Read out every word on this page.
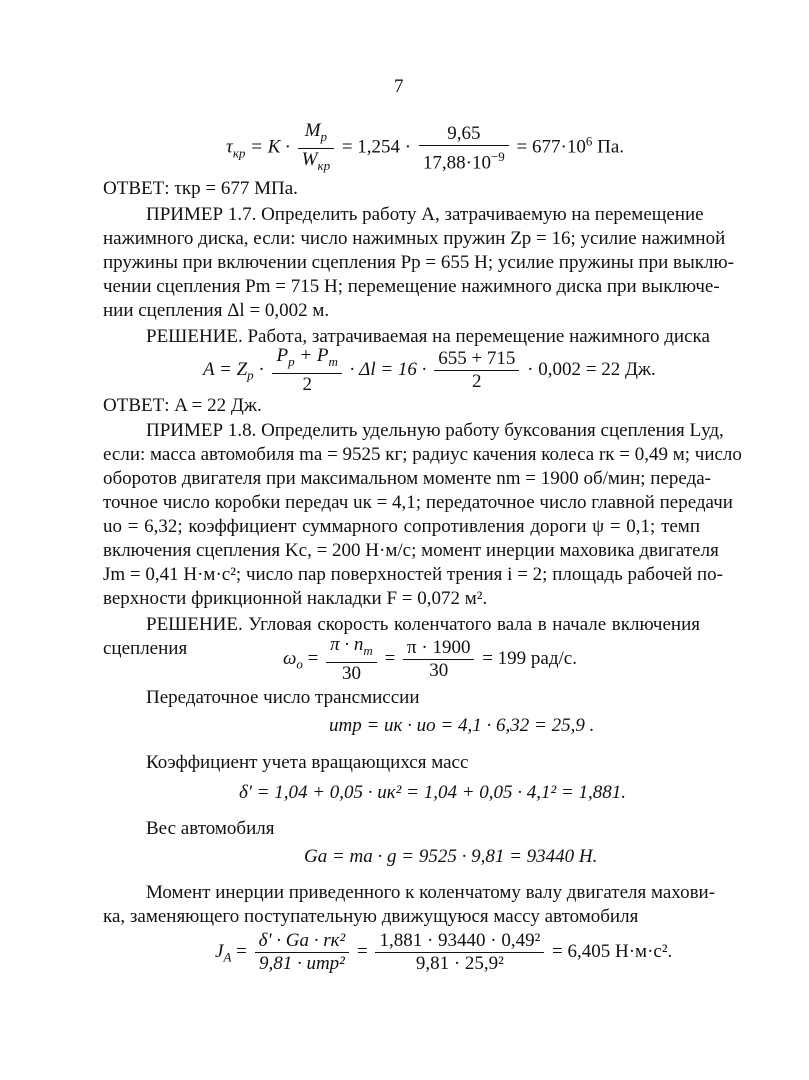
7
$\tau_{кр} = K \cdot \frac{M_p}{W_{кр}} = 1,254 \cdot \frac{9,65}{17,88\cdot 10^{-9}} = 677\cdot 10^6$ Па.
ОТВЕТ: τкр = 677 МПа.
ПРИМЕР 1.7. Определить работу A, затрачиваемую на перемещение
нажимного диска, если: число нажимных пружин Zp = 16; усилие нажимной
пружины при включении сцепления Pp = 655 Н; усилие пружины при выклю-
чении сцепления Pm = 715 Н; перемещение нажимного диска при выключе-
нии сцепления Δl = 0,002 м.
РЕШЕНИЕ. Работа, затрачиваемая на перемещение нажимного диска
$A = Z_p \cdot \frac{P_p + P_m}{2} \cdot \Delta l = 16 \cdot \frac{655 + 715}{2} \cdot 0,002 = 22$ Дж.
ОТВЕТ: A = 22 Дж.
ПРИМЕР 1.8. Определить удельную работу буксования сцепления Lуд,
если: масса автомобиля mа = 9525 кг; радиус качения колеса rк = 0,49 м; число
оборотов двигателя при максимальном моменте nm = 1900 об/мин; переда-
точное число коробки передач uк = 4,1; передаточное число главной передачи
uо = 6,32; коэффициент суммарного сопротивления дороги ψ = 0,1; темп
включения сцепления Kс, = 200 Н·м/с; момент инерции маховика двигателя
Jm = 0,41 Н·м·с²; число пар поверхностей трения i = 2; площадь рабочей по-
верхности фрикционной накладки F = 0,072 м².
РЕШЕНИЕ. Угловая скорость коленчатого вала в начале включения
сцепления	$\omega_о = \frac{\pi \cdot n_m}{30} = \frac{\pi \cdot 1900}{30} = 199$ рад/с.
Передаточное число трансмиссии
uтр = uк · uо = 4,1 · 6,32 = 25,9 .
Коэффициент учета вращающихся масс
δ' = 1,04 + 0,05 · uк² = 1,04 + 0,05 · 4,1² = 1,881.
Вес автомобиля
Gа = mа · g = 9525 · 9,81 = 93440 Н.
Момент инерции приведенного к коленчатому валу двигателя махови-
ка, заменяющего поступательную движущуюся массу автомобиля
$J_A = \frac{\text{δ' · Gа · rк²}}{\text{9,81 · uтр²}} = \frac{\text{1,881 · 93440 · 0,49²}}{\text{9,81 · 25,9²}} = 6,405$ Н·м·с².
